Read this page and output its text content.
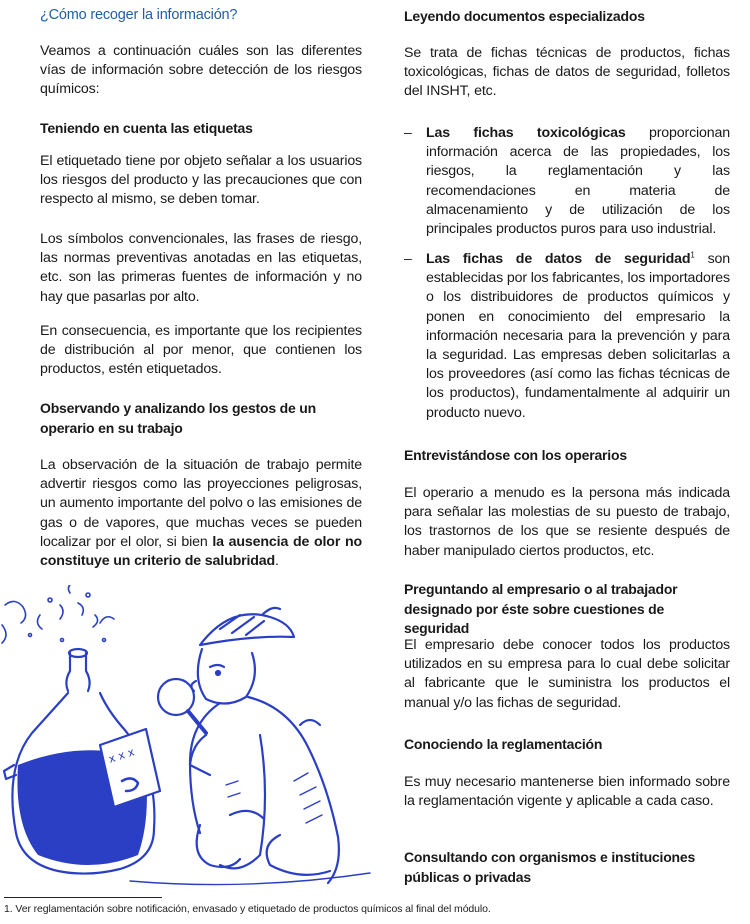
¿Cómo recoger la información?

Veamos a continuación cuáles son las diferentes vías de información sobre detección de los riesgos químicos:

Teniendo en cuenta las etiquetas

El etiquetado tiene por objeto señalar a los usuarios los riesgos del producto y las precauciones que con respecto al mismo, se deben tomar.

Los símbolos convencionales, las frases de riesgo, las normas preventivas anotadas en las etiquetas, etc. son las primeras fuentes de información y no hay que pasarlas por alto.

En consecuencia, es importante que los recipientes de distribución al por menor, que contienen los productos, estén etiquetados.

Observando y analizando los gestos de un operario en su trabajo

La observación de la situación de trabajo permite advertir riesgos como las proyecciones peligrosas, un aumento importante del polvo o las emisiones de gas o de vapores, que muchas veces se pueden localizar por el olor, si bien la ausencia de olor no constituye un criterio de salubridad.

x x x

Leyendo documentos especializados

Se trata de fichas técnicas de productos, fichas toxicológicas, fichas de datos de seguridad, folletos del INSHT, etc.

– Las fichas toxicológicas proporcionan información acerca de las propiedades, los riesgos, la reglamentación y las recomendaciones en materia de almacenamiento y de utilización de los principales productos puros para uso industrial.

– Las fichas de datos de seguridad$^1$ son establecidas por los fabricantes, los importadores o los distribuidores de productos químicos y ponen en conocimiento del empresario la información necesaria para la prevención y para la seguridad. Las empresas deben solicitarlas a los proveedores (así como las fichas técnicas de los productos), fundamentalmente al adquirir un producto nuevo.

Entrevistándose con los operarios

El operario a menudo es la persona más indicada para señalar las molestias de su puesto de trabajo, los trastornos de los que se resiente después de haber manipulado ciertos productos, etc.

Preguntando al empresario o al trabajador designado por éste sobre cuestiones de seguridad

El empresario debe conocer todos los productos utilizados en su empresa para lo cual debe solicitar al fabricante que le suministra los productos el manual y/o las fichas de seguridad.

Conociendo la reglamentación

Es muy necesario mantenerse bien informado sobre la reglamentación vigente y aplicable a cada caso.

Consultando con organismos e instituciones públicas o privadas

1. Ver reglamentación sobre notificación, envasado y etiquetado de productos químicos al final del módulo.
